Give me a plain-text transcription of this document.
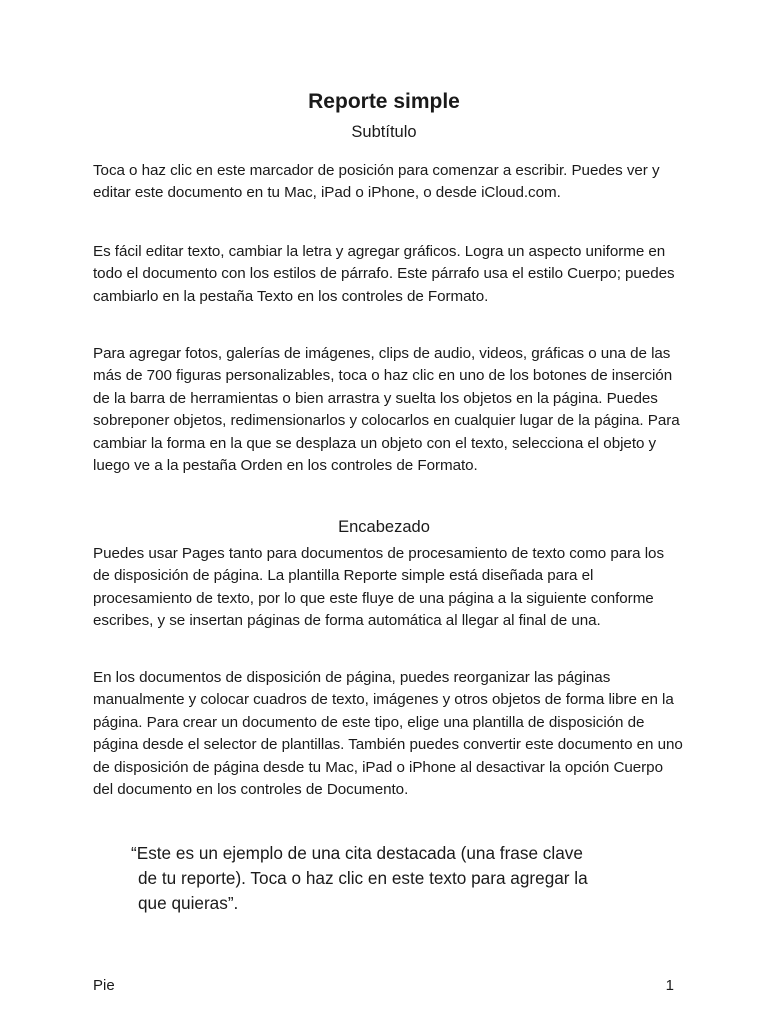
Reporte simple
Subtítulo

Toca o haz clic en este marcador de posición para comenzar a escribir. Puedes ver y editar este documento en tu Mac, iPad o iPhone, o desde iCloud.com.

Es fácil editar texto, cambiar la letra y agregar gráficos. Logra un aspecto uniforme en todo el documento con los estilos de párrafo. Este párrafo usa el estilo Cuerpo; puedes cambiarlo en la pestaña Texto en los controles de Formato.

Para agregar fotos, galerías de imágenes, clips de audio, videos, gráficas o una de las más de 700 figuras personalizables, toca o haz clic en uno de los botones de inserción de la barra de herramientas o bien arrastra y suelta los objetos en la página. Puedes sobreponer objetos, redimensionarlos y colocarlos en cualquier lugar de la página. Para cambiar la forma en la que se desplaza un objeto con el texto, selecciona el objeto y luego ve a la pestaña Orden en los controles de Formato.

Encabezado

Puedes usar Pages tanto para documentos de procesamiento de texto como para los de disposición de página. La plantilla Reporte simple está diseñada para el procesamiento de texto, por lo que este fluye de una página a la siguiente conforme escribes, y se insertan páginas de forma automática al llegar al final de una.

En los documentos de disposición de página, puedes reorganizar las páginas manualmente y colocar cuadros de texto, imágenes y otros objetos de forma libre en la página. Para crear un documento de este tipo, elige una plantilla de disposición de página desde el selector de plantillas. También puedes convertir este documento en uno de disposición de página desde tu Mac, iPad o iPhone al desactivar la opción Cuerpo del documento en los controles de Documento.

“Este es un ejemplo de una cita destacada (una frase clave
de tu reporte). Toca o haz clic en este texto para agregar la
que quieras”.

Pie	1
